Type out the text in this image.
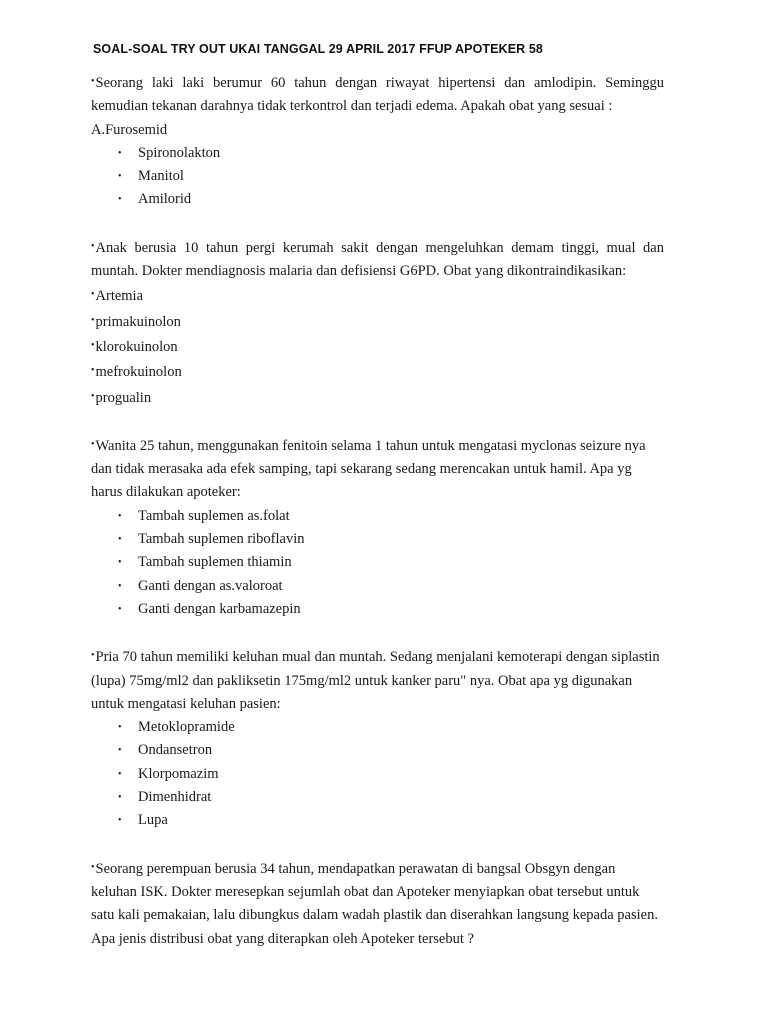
SOAL-SOAL TRY OUT UKAI TANGGAL 29 APRIL 2017 FFUP APOTEKER 58

•Seorang laki laki berumur 60 tahun dengan riwayat hipertensi dan amlodipin. Seminggu kemudian tekanan darahnya tidak terkontrol dan terjadi edema. Apakah obat yang sesuai :

A.Furosemid

• Spironolakton
• Manitol
• Amilorid

•Anak berusia 10 tahun pergi kerumah sakit dengan mengeluhkan demam tinggi, mual dan muntah. Dokter mendiagnosis malaria dan defisiensi G6PD. Obat yang dikontraindikasikan:

•Artemia

•primakuinolon

•klorokuinolon

•mefrokuinolon

•progualin

•Wanita 25 tahun, menggunakan fenitoin selama 1 tahun untuk mengatasi myclonas seizure nya dan tidak merasaka ada efek samping, tapi sekarang sedang merencakan untuk hamil. Apa yg harus dilakukan apoteker:

• Tambah suplemen as.folat
• Tambah suplemen riboflavin
• Tambah suplemen thiamin
• Ganti dengan as.valoroat
• Ganti dengan karbamazepin

•Pria 70 tahun memiliki keluhan mual dan muntah. Sedang menjalani kemoterapi dengan siplastin (lupa) 75mg/ml2 dan pakliksetin 175mg/ml2 untuk kanker paru" nya. Obat apa yg digunakan untuk mengatasi keluhan pasien:

• Metoklopramide
• Ondansetron
• Klorpomazim
• Dimenhidrat
• Lupa

•Seorang perempuan berusia 34 tahun, mendapatkan perawatan di bangsal Obsgyn dengan keluhan ISK. Dokter meresepkan sejumlah obat dan Apoteker menyiapkan obat tersebut untuk satu kali pemakaian, lalu dibungkus dalam wadah plastik dan diserahkan langsung kepada pasien. Apa jenis distribusi obat yang diterapkan oleh Apoteker tersebut ?
